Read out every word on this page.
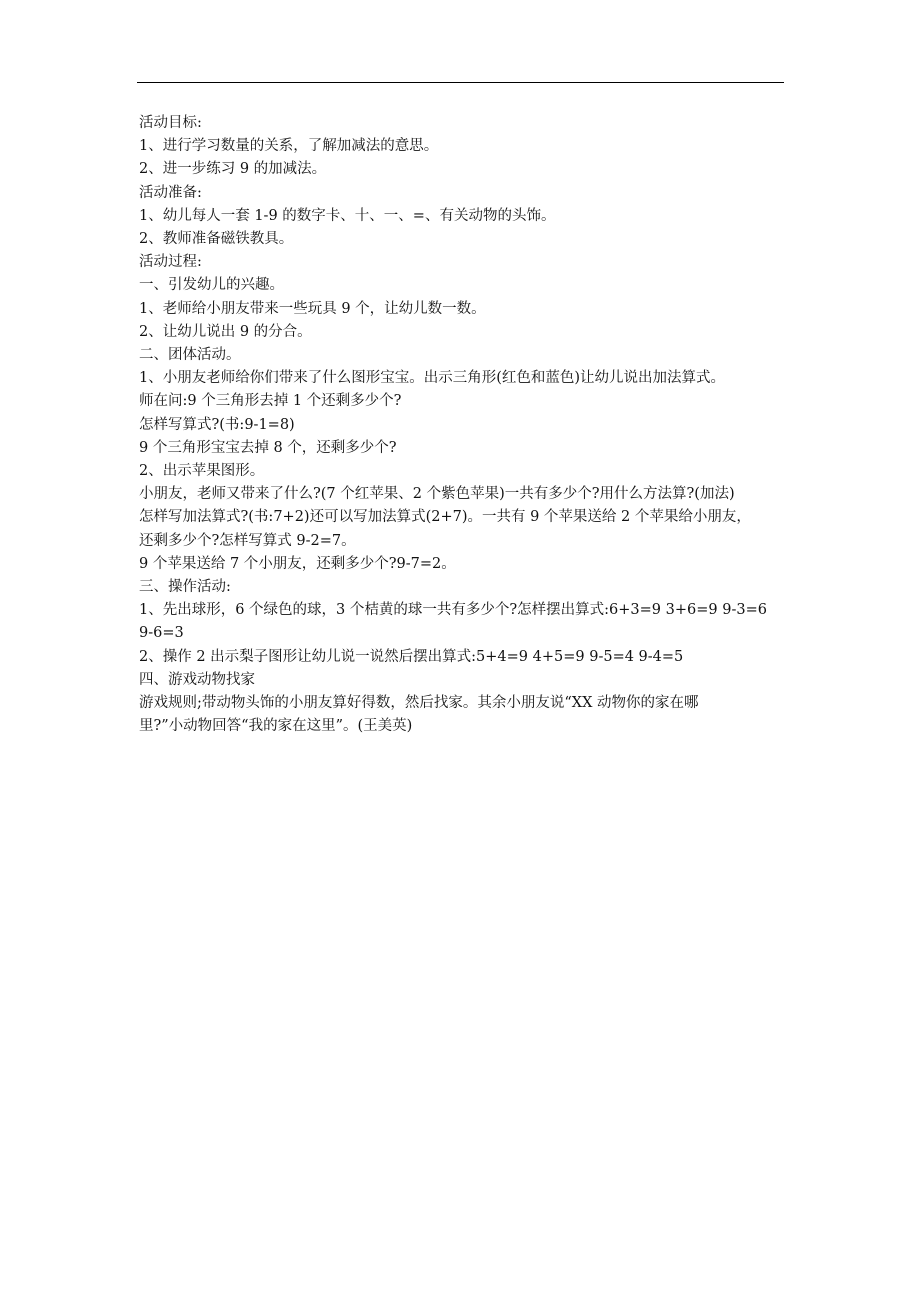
活动目标:
1、进行学习数量的关系，了解加减法的意思。
2、进一步练习 9 的加减法。
活动准备:
1、幼儿每人一套 1-9 的数字卡、十、一、=、有关动物的头饰。
2、教师准备磁铁教具。
活动过程:
一、引发幼儿的兴趣。
1、老师给小朋友带来一些玩具 9 个，让幼儿数一数。
2、让幼儿说出 9 的分合。
二、团体活动。
1、小朋友老师给你们带来了什么图形宝宝。出示三角形(红色和蓝色)让幼儿说出加法算式。
师在问:9 个三角形去掉 1 个还剩多少个?
怎样写算式?(书:9-1=8)
9 个三角形宝宝去掉 8 个，还剩多少个?
2、出示苹果图形。
小朋友，老师又带来了什么?(7 个红苹果、2 个紫色苹果)一共有多少个?用什么方法算?(加法)
怎样写加法算式?(书:7+2)还可以写加法算式(2+7)。一共有 9 个苹果送给 2 个苹果给小朋友，
还剩多少个?怎样写算式 9-2=7。
9 个苹果送给 7 个小朋友，还剩多少个?9-7=2。
三、操作活动:
1、先出球形，6 个绿色的球，3 个桔黄的球一共有多少个?怎样摆出算式:6+3=9 3+6=9 9-3=6
9-6=3
2、操作 2 出示梨子图形让幼儿说一说然后摆出算式:5+4=9 4+5=9 9-5=4 9-4=5
四、游戏动物找家
游戏规则;带动物头饰的小朋友算好得数，然后找家。其余小朋友说“XX 动物你的家在哪
里?”小动物回答“我的家在这里”。(王美英)
